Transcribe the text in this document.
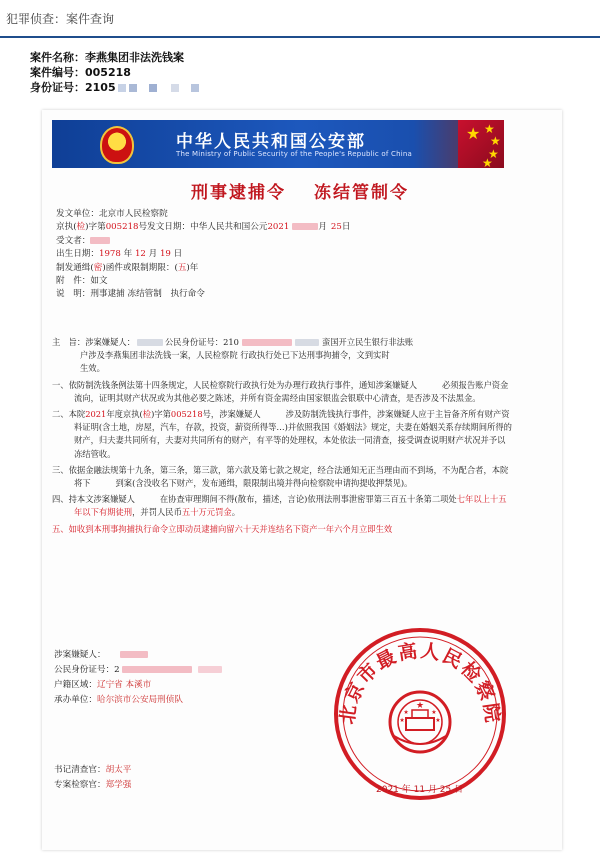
犯罪侦查：案件查询
案件名称：李燕集团非法洗钱案
案件编号：005218
身份证号：2105
中华人民共和国公安部
The Ministry of Public Security of the People's Republic of China
★ ★
★
★
★
刑事逮捕令 冻结管制令
发文单位：北京市人民检察院
京执(检)字第005218号发文日期：中华人民共和国公元2021	月 25日
受文者：
出生日期：1978 年 12 月 19 日
制发通缉(密)函件或限制期限：(五)年
附　件：如文
说　明：刑事逮捕 冻结管制　执行命令
主　旨：涉案嫌疑人：	公民身份证号：210	蛮国开立民生银行非法账
户涉及李燕集团非法洗钱一案，人民检察院 行政执行处已下达刑事拘捕令，文到实时
生效。
一、依防制洗钱条例法第十四条规定，人民检察院行政执行处为办理行政执行事件，通知涉案嫌疑人　　　必须报告账户资金流向，证明其财产状况或为其他必要之陈述，并所有资金需经由国家银监会银联中心清查，是否涉及不法黑金。
二、本院2021年度京执(检)字第005218号，涉案嫌疑人　　　涉及防制洗钱执行事件，涉案嫌疑人应于主旨备齐所有财产资料证明(含土地，房屋，汽车，存款，投资，薪资所得等…)并依照我国《婚姻法》规定，夫妻在婚姻关系存续期间所得的财产，归夫妻共同所有，夫妻对共同所有的财产，有平等的处理权，本处依法一同清查，接受调查说明财产状况并予以冻结管收。
三、依据金融法规第十九条，第三条，第三款，第六款及第七款之规定，经合法通知无正当理由而不到场，不为配合者，本院将下　　　到案(含没收名下财产，发布通缉，限限制出境并得向检察院申请拘提收押禁见)。
四、持本文涉案嫌疑人　　　在协查审理期间不得(散布，描述，言论)依刑法刑事泄密罪第三百五十条第二项处七年以上十五年以下有期徒刑，并罚人民币五十万元罚金。
五、如收到本刑事拘捕执行命令立即动员逮捕向留六十天并连结名下资产一年六个月立即生效
涉案嫌疑人：
公民身份证号：2
户籍区域：辽宁省 本溪市
承办单位：哈尔滨市公安局刑侦队
书记清查官：胡太平
专案检察官：郑学强
北京市最高人民检察院
★
★	★
★	★
2021 年 11 月 25 日
